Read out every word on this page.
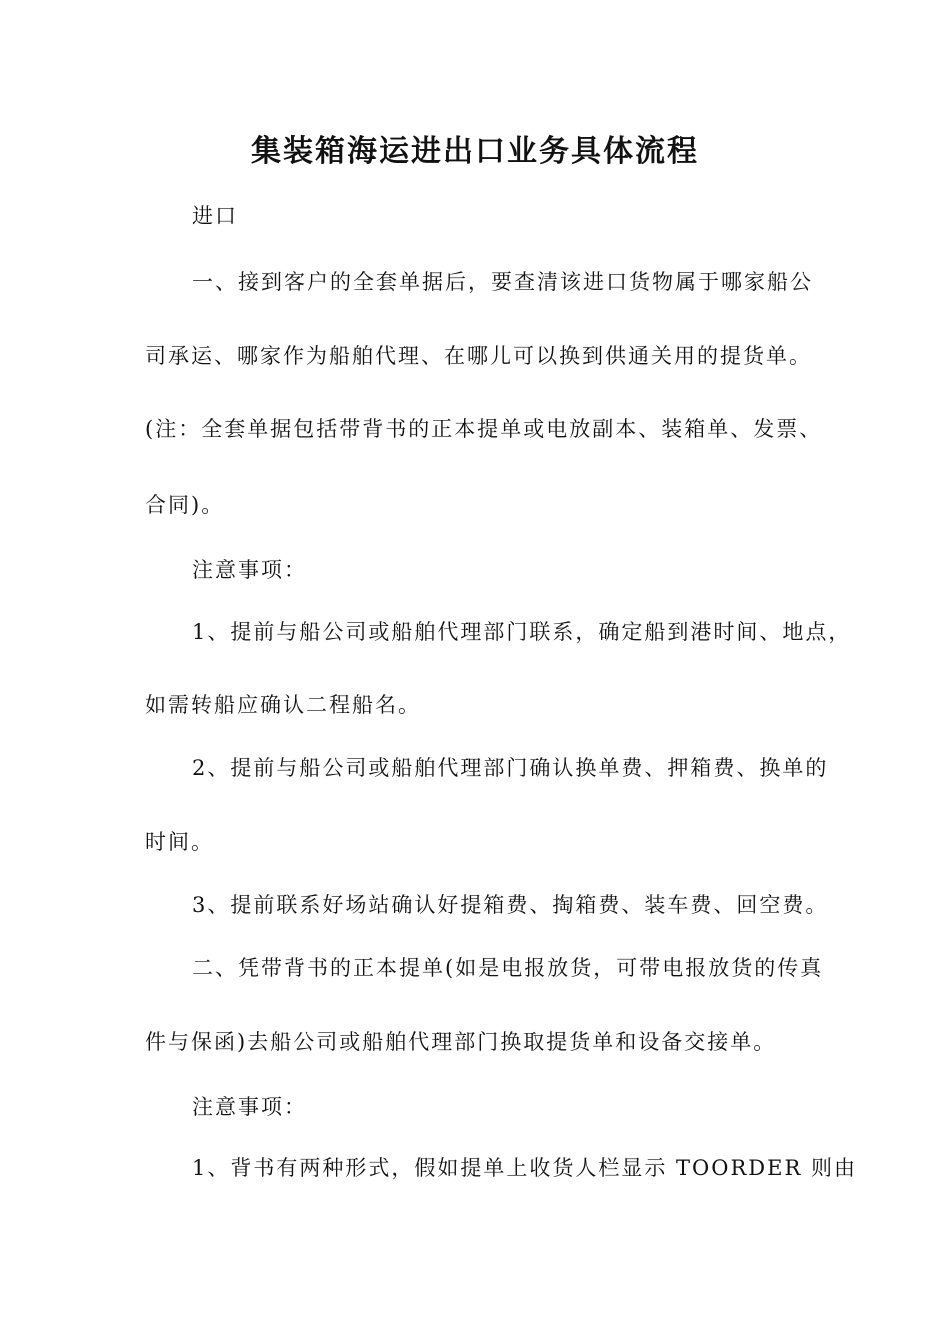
集装箱海运进出口业务具体流程
进口
一、接到客户的全套单据后，要查清该进口货物属于哪家船公
司承运、哪家作为船舶代理、在哪儿可以换到供通关用的提货单。
(注：全套单据包括带背书的正本提单或电放副本、装箱单、发票、
合同)。
注意事项：
1、提前与船公司或船舶代理部门联系，确定船到港时间、地点，
如需转船应确认二程船名。
2、提前与船公司或船舶代理部门确认换单费、押箱费、换单的
时间。
3、提前联系好场站确认好提箱费、掏箱费、装车费、回空费。
二、凭带背书的正本提单(如是电报放货，可带电报放货的传真
件与保函)去船公司或船舶代理部门换取提货单和设备交接单。
注意事项：
1、背书有两种形式，假如提单上收货人栏显示 TOORDER 则由
